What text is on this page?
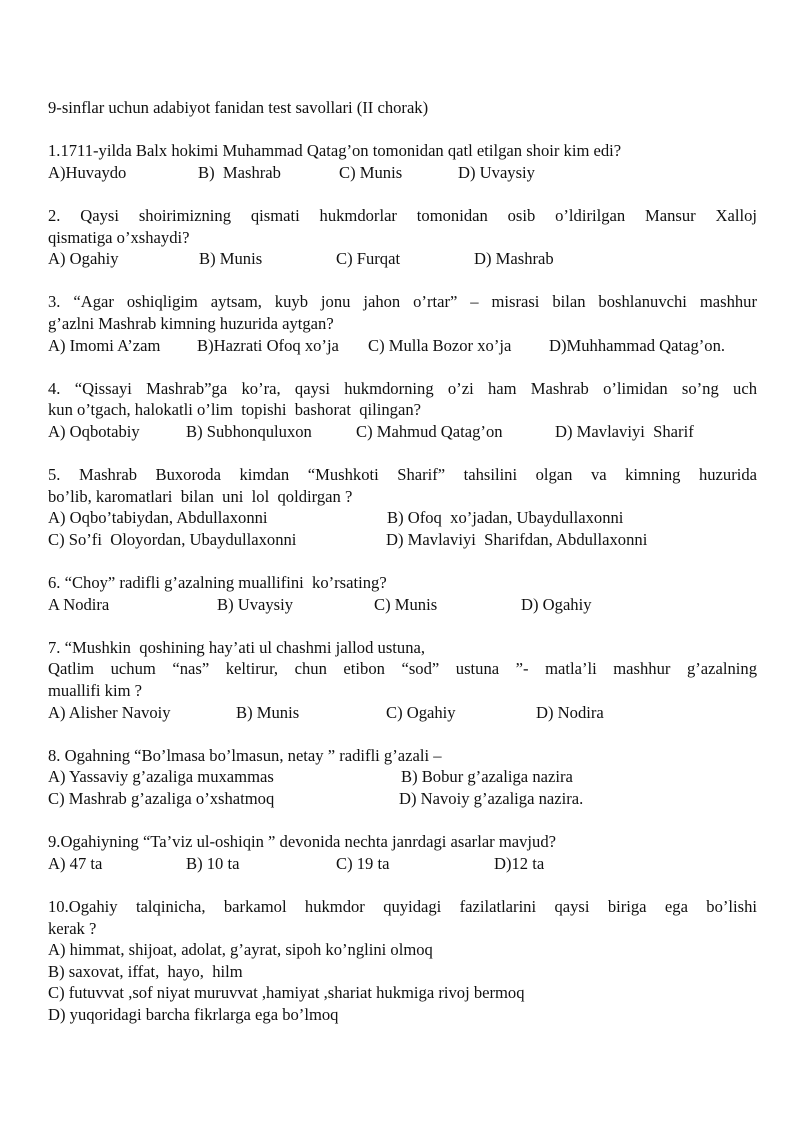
9-sinflar uchun adabiyot fanidan test savollari (II chorak)
1.1711-yilda Balx hokimi Muhammad Qatag’on tomonidan qatl etilgan shoir kim edi?
A)Huvaydo	B)  Mashrab	C) Munis	D) Uvaysiy
2. Qaysi shoirimizning qismati hukmdorlar tomonidan osib o’ldirilgan Mansur Xalloj
qismatiga o’xshaydi?
A) Ogahiy	B) Munis	C) Furqat	D) Mashrab
3. “Agar oshiqligim aytsam, kuyb jonu jahon o’rtar” – misrasi bilan boshlanuvchi mashhur
g’azlni Mashrab kimning huzurida aytgan?
A) Imomi A’zam B)Hazrati Ofoq xo’ja C) Mulla Bozor xo’ja D)Muhhammad Qatag’on.
4. “Qissayi Mashrab”ga ko’ra, qaysi hukmdorning o’zi ham Mashrab o’limidan so’ng uch
kun o’tgach, halokatli o’lim  topishi  bashorat  qilingan?
A) Oqbotabiy	B) Subhonquluxon	C) Mahmud Qatag’on	D) Mavlaviyi  Sharif
5. Mashrab Buxoroda kimdan “Mushkoti Sharif” tahsilini olgan va kimning huzurida
bo’lib, karomatlari  bilan  uni  lol  qoldirgan ?
A) Oqbo’tabiydan, Abdullaxonni	B) Ofoq  xo’jadan, Ubaydullaxonni
C) So’fi  Oloyordan, Ubaydullaxonni	D) Mavlaviyi  Sharifdan, Abdullaxonni
6. “Choy” radifli g’azalning muallifini  ko’rsating?
A Nodira	B) Uvaysiy	C) Munis	D) Ogahiy
7. “Mushkin  qoshining hay’ati ul chashmi jallod ustuna,
Qatlim uchum “nas” keltirur, chun etibon “sod” ustuna ”- matla’li mashhur g’azalning
muallifi kim ?
A) Alisher Navoiy	B) Munis	C) Ogahiy	D) Nodira
8. Ogahning “Bo’lmasa bo’lmasun, netay ” radifli g’azali –
A) Yassaviy g’azaliga muxammas	B) Bobur g’azaliga nazira
C) Mashrab g’azaliga o’xshatmoq	D) Navoiy g’azaliga nazira.
9.Ogahiyning “Ta’viz ul-oshiqin ” devonida nechta janrdagi asarlar mavjud?
A) 47 ta	B) 10 ta	C) 19 ta	D)12 ta
10.Ogahiy talqinicha, barkamol hukmdor quyidagi fazilatlarini qaysi biriga ega bo’lishi
kerak ?
A) himmat, shijoat, adolat, g’ayrat, sipoh ko’nglini olmoq
B) saxovat, iffat,  hayo,  hilm
C) futuvvat ,sof niyat muruvvat ,hamiyat ,shariat hukmiga rivoj bermoq
D) yuqoridagi barcha fikrlarga ega bo’lmoq
